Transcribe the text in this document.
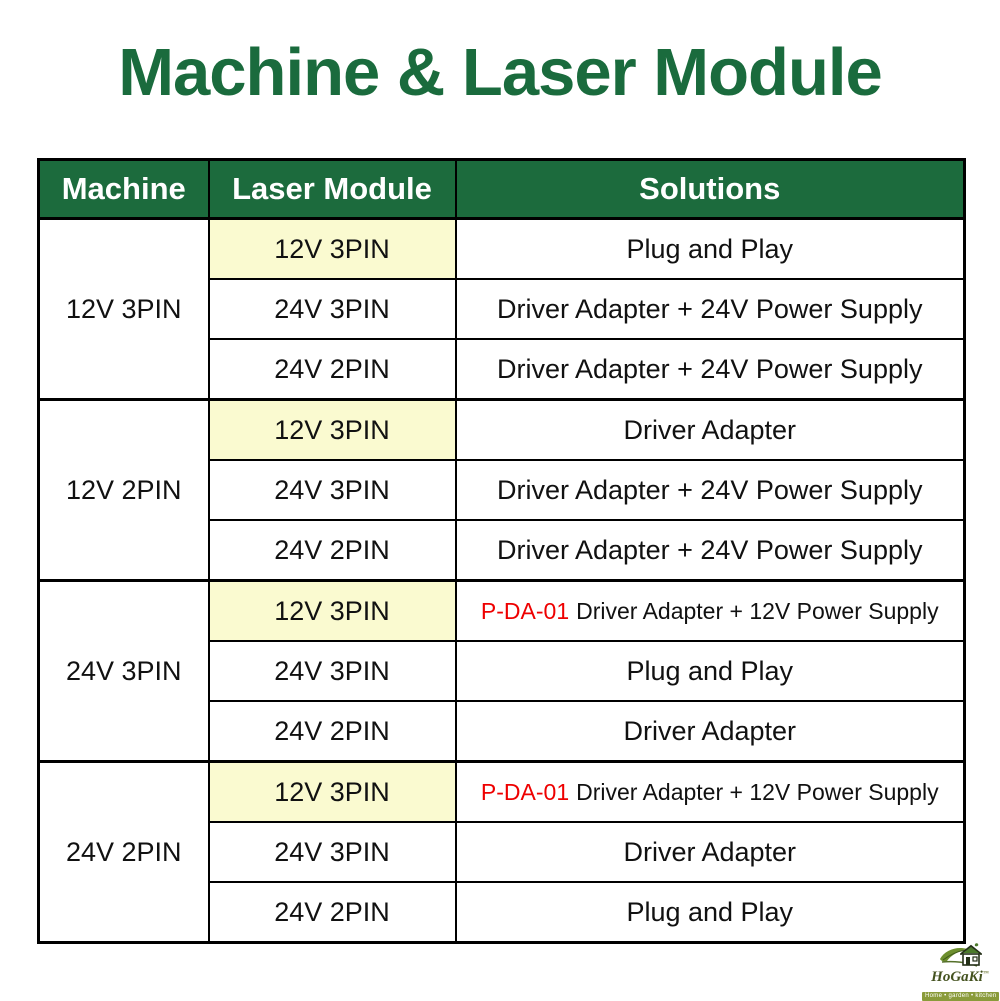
Machine & Laser Module
Machine	Laser Module	Solutions
12V 3PIN	12V 3PIN	Plug and Play
	24V 3PIN	Driver Adapter + 24V Power Supply
	24V 2PIN	Driver Adapter + 24V Power Supply
12V 2PIN	12V 3PIN	Driver Adapter
	24V 3PIN	Driver Adapter + 24V Power Supply
	24V 2PIN	Driver Adapter + 24V Power Supply
24V 3PIN	12V 3PIN	P-DA-01 Driver Adapter + 12V Power Supply
	24V 3PIN	Plug and Play
	24V 2PIN	Driver Adapter
24V 2PIN	12V 3PIN	P-DA-01 Driver Adapter + 12V Power Supply
	24V 3PIN	Driver Adapter
	24V 2PIN	Plug and Play
HoGaKi™
Home • garden • kitchen
